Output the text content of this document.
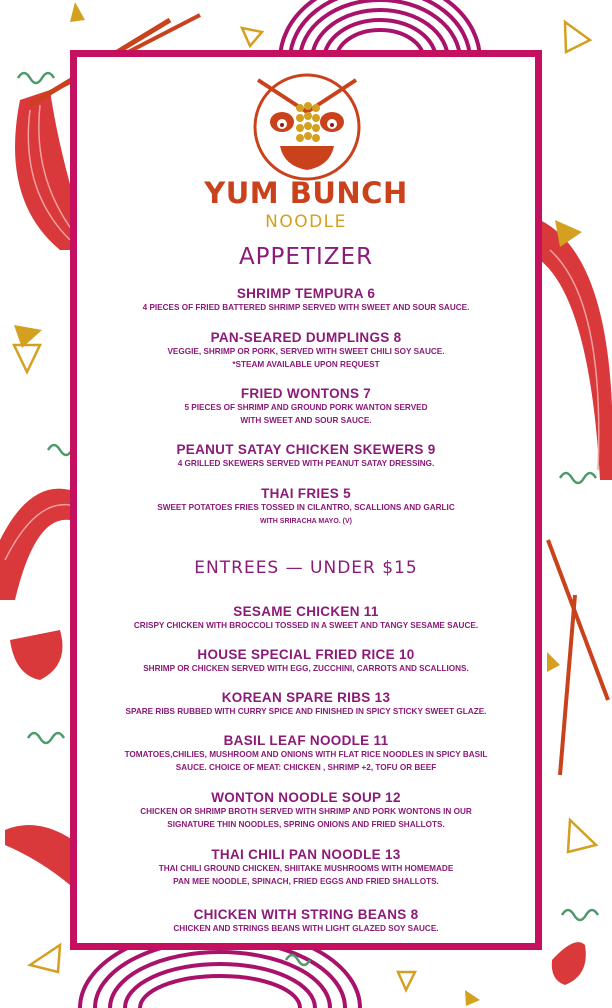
YUM BUNCH
NOODLE
APPETIZER
SHRIMP TEMPURA 6
4 PIECES OF FRIED BATTERED SHRIMP SERVED WITH SWEET AND SOUR SAUCE.
PAN-SEARED DUMPLINGS 8
VEGGIE, SHRIMP OR PORK, SERVED WITH SWEET CHILI SOY SAUCE.
*STEAM AVAILABLE UPON REQUEST
FRIED WONTONS 7
5 PIECES OF SHRIMP AND GROUND PORK WANTON SERVED
WITH SWEET AND SOUR SAUCE.
PEANUT SATAY CHICKEN SKEWERS 9
4 GRILLED SKEWERS SERVED WITH PEANUT SATAY DRESSING.
THAI FRIES 5
SWEET POTATOES FRIES TOSSED IN CILANTRO, SCALLIONS AND GARLIC
WITH SRIRACHA MAYO. (V)
ENTREES — UNDER $15
SESAME CHICKEN 11
CRISPY CHICKEN WITH BROCCOLI TOSSED IN A SWEET AND TANGY SESAME SAUCE.
HOUSE SPECIAL FRIED RICE 10
SHRIMP OR CHICKEN SERVED WITH EGG, ZUCCHINI, CARROTS AND SCALLIONS.
KOREAN SPARE RIBS 13
SPARE RIBS RUBBED WITH CURRY SPICE AND FINISHED IN SPICY STICKY SWEET GLAZE.
BASIL LEAF NOODLE 11
TOMATOES,CHILIES, MUSHROOM AND ONIONS WITH FLAT RICE NOODLES IN SPICY BASIL
SAUCE. CHOICE OF MEAT: CHICKEN , SHRIMP +2, TOFU OR BEEF
WONTON NOODLE SOUP 12
CHICKEN OR SHRIMP BROTH SERVED WITH SHRIMP AND PORK WONTONS IN OUR
SIGNATURE THIN NOODLES, SPRING ONIONS AND FRIED SHALLOTS.
THAI CHILI PAN NOODLE 13
THAI CHILI GROUND CHICKEN, SHIITAKE MUSHROOMS WITH HOMEMADE
PAN MEE NOODLE, SPINACH, FRIED EGGS AND FRIED SHALLOTS.
CHICKEN WITH STRING BEANS 8
CHICKEN AND STRINGS BEANS WITH LIGHT GLAZED SOY SAUCE.
